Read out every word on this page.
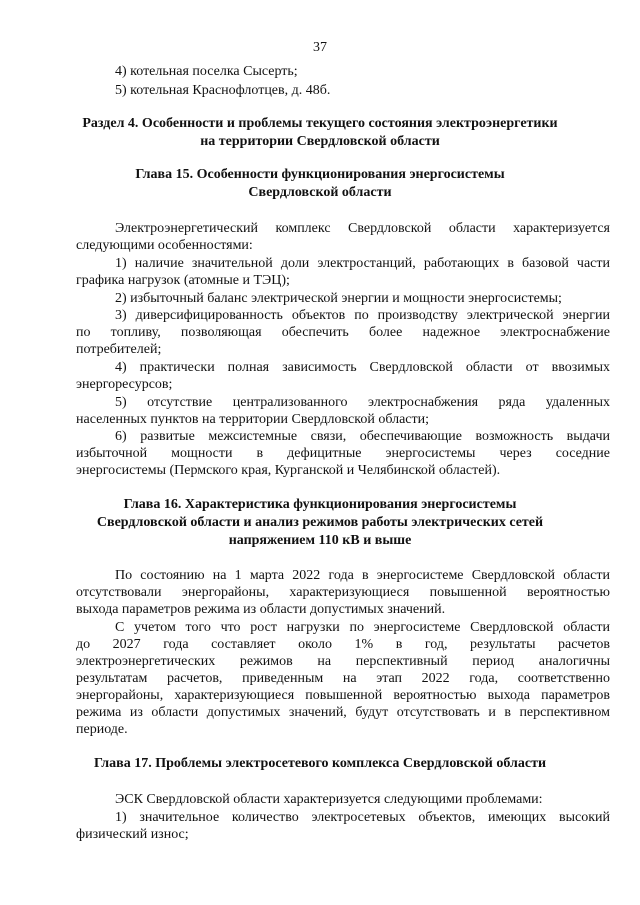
37
4) котельная поселка Сысерть;
5) котельная Краснофлотцев, д. 48б.
Раздел 4. Особенности и проблемы текущего состояния электроэнергетики
на территории Свердловской области
Глава 15. Особенности функционирования энергосистемы
Свердловской области
Электроэнергетический комплекс Свердловской области характеризуется
следующими особенностями:
1) наличие значительной доли электростанций, работающих в базовой части
графика нагрузок (атомные и ТЭЦ);
2) избыточный баланс электрической энергии и мощности энергосистемы;
3) диверсифицированность объектов по производству электрической энергии
по топливу, позволяющая обеспечить более надежное электроснабжение
потребителей;
4) практически полная зависимость Свердловской области от ввозимых
энергоресурсов;
5) отсутствие централизованного электроснабжения ряда удаленных
населенных пунктов на территории Свердловской области;
6) развитые межсистемные связи, обеспечивающие возможность выдачи
избыточной мощности в дефицитные энергосистемы через соседние
энергосистемы (Пермского края, Курганской и Челябинской областей).
Глава 16. Характеристика функционирования энергосистемы
Свердловской области и анализ режимов работы электрических сетей
напряжением 110 кВ и выше
По состоянию на 1 марта 2022 года в энергосистеме Свердловской области
отсутствовали энергорайоны, характеризующиеся повышенной вероятностью
выхода параметров режима из области допустимых значений.
С учетом того что рост нагрузки по энергосистеме Свердловской области
до 2027 года составляет около 1% в год, результаты расчетов
электроэнергетических режимов на перспективный период аналогичны
результатам расчетов, приведенным на этап 2022 года, соответственно
энергорайоны, характеризующиеся повышенной вероятностью выхода параметров
режима из области допустимых значений, будут отсутствовать и в перспективном
периоде.
Глава 17. Проблемы электросетевого комплекса Свердловской области
ЭСК Свердловской области характеризуется следующими проблемами:
1) значительное количество электросетевых объектов, имеющих высокий
физический износ;
